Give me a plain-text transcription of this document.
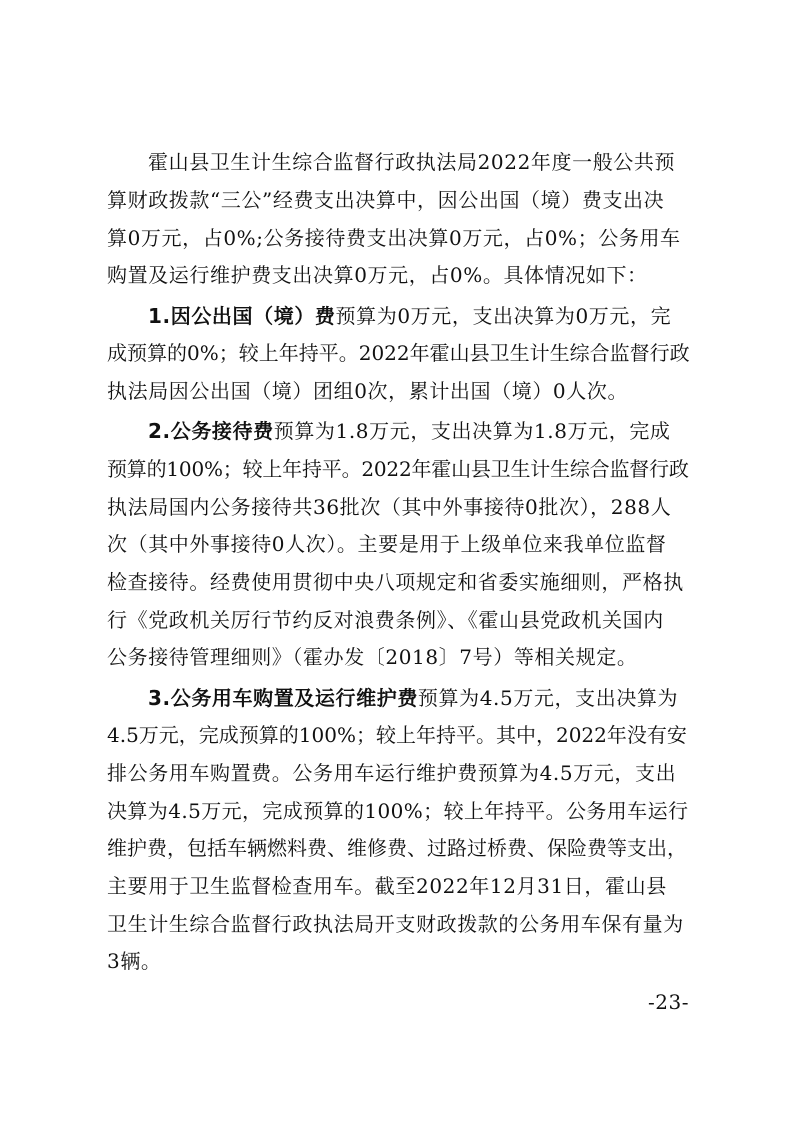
霍山县卫生计生综合监督行政执法局2022年度一般公共预
算财政拨款“三公”经费支出决算中，因公出国（境）费支出决
算0万元，占0%;公务接待费支出决算0万元，占0%；公务用车
购置及运行维护费支出决算0万元，占0%。具体情况如下：
1.因公出国（境）费预算为0万元，支出决算为0万元，完
成预算的0%；较上年持平。2022年霍山县卫生计生综合监督行政
执法局因公出国（境）团组0次，累计出国（境）0人次。
2.公务接待费预算为1.8万元，支出决算为1.8万元，完成
预算的100%；较上年持平。2022年霍山县卫生计生综合监督行政
执法局国内公务接待共36批次（其中外事接待0批次），288人
次（其中外事接待0人次）。主要是用于上级单位来我单位监督
检查接待。经费使用贯彻中央八项规定和省委实施细则，严格执
行《党政机关厉行节约反对浪费条例》、《霍山县党政机关国内
公务接待管理细则》（霍办发〔2018〕7号）等相关规定。
3.公务用车购置及运行维护费预算为4.5万元，支出决算为
4.5万元，完成预算的100%；较上年持平。其中，2022年没有安
排公务用车购置费。公务用车运行维护费预算为4.5万元，支出
决算为4.5万元，完成预算的100%；较上年持平。公务用车运行
维护费，包括车辆燃料费、维修费、过路过桥费、保险费等支出，
主要用于卫生监督检查用车。截至2022年12月31日，霍山县
卫生计生综合监督行政执法局开支财政拨款的公务用车保有量为
3辆。
-23-
